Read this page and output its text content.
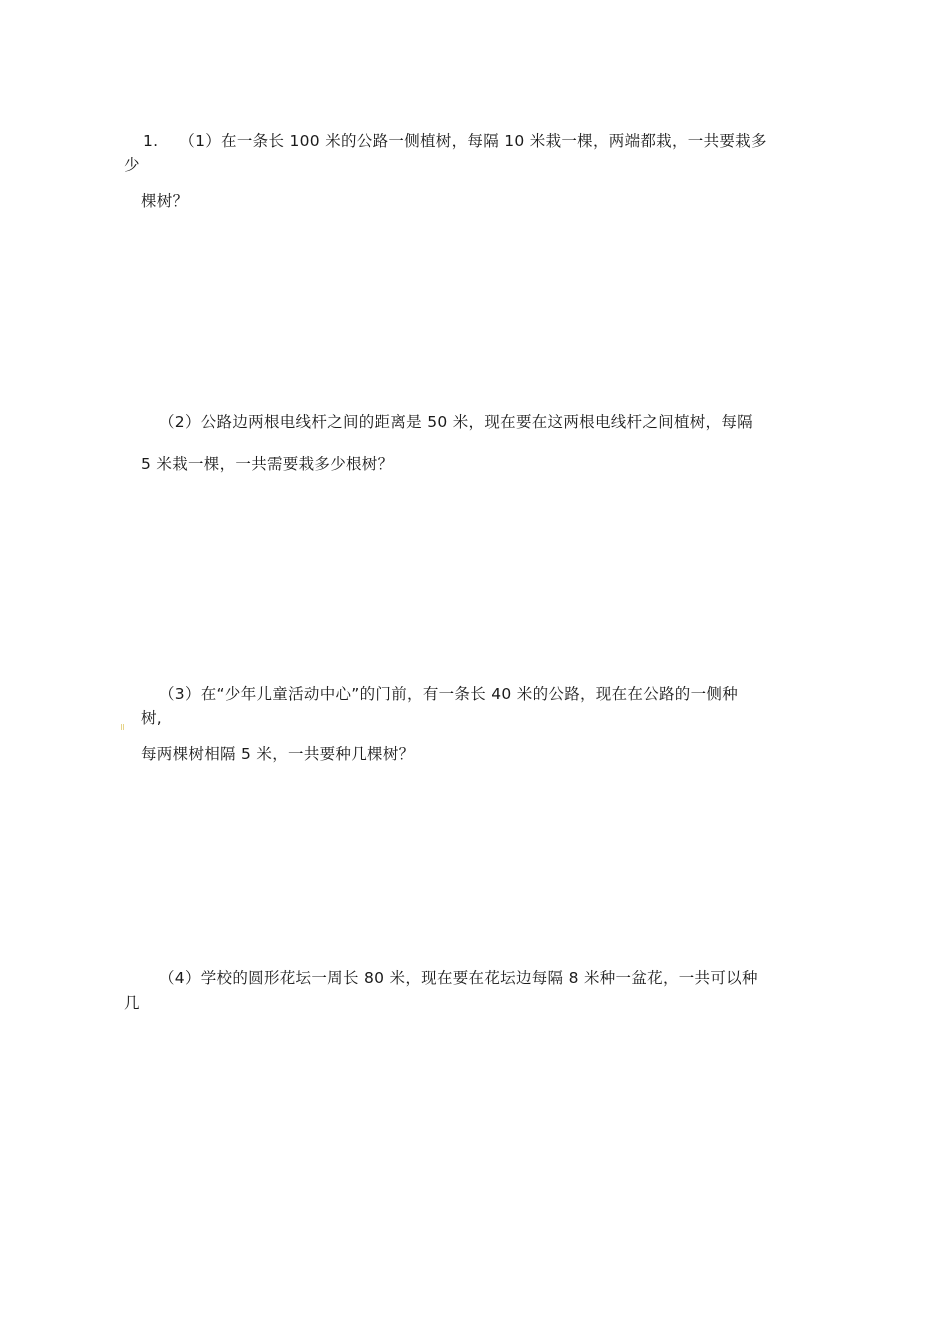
1.    （1）在一条长 100 米的公路一侧植树，每隔 10 米栽一棵，两端都栽，一共要栽多
少
棵树？
（2）公路边两根电线杆之间的距离是 50 米，现在要在这两根电线杆之间植树，每隔
5 米栽一棵，一共需要栽多少根树？
（3）在“少年儿童活动中心”的门前，有一条长 40 米的公路，现在在公路的一侧种
树,
每两棵树相隔 5 米，一共要种几棵树？
（4）学校的圆形花坛一周长 80 米，现在要在花坛边每隔 8 米种一盆花，一共可以种
几
